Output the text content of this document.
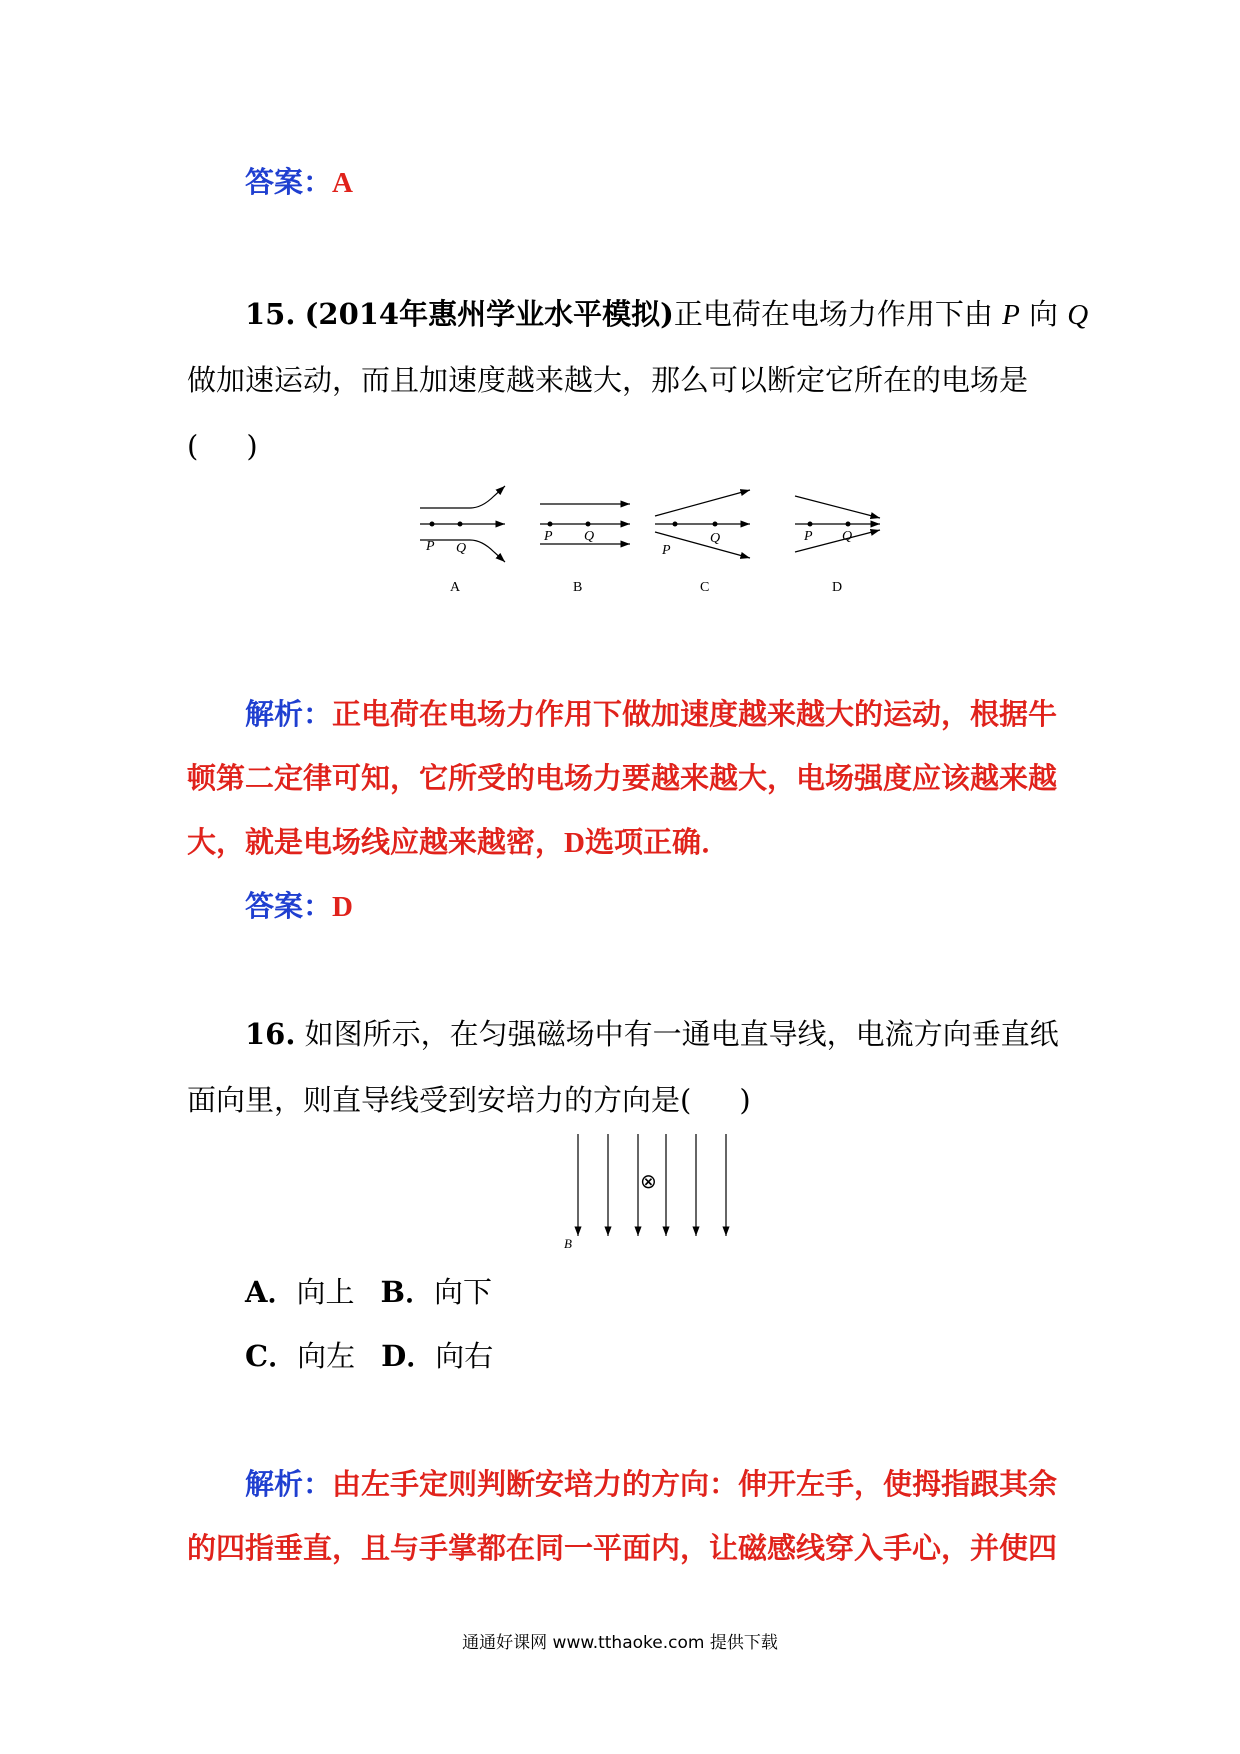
答案：A
15. (2014年惠州学业水平模拟)正电荷在电场力作用下由 P 向 Q
做加速运动，而且加速度越来越大，那么可以断定它所在的电场是
( )
P Q
A
P Q
B
P
Q
C
P Q
D
解析：正电荷在电场力作用下做加速度越来越大的运动，根据牛
顿第二定律可知，它所受的电场力要越来越大，电场强度应该越来越
大，就是电场线应越来越密，D选项正确．
答案：D
16. 如图所示，在匀强磁场中有一通电直导线，电流方向垂直纸
面向里，则直导线受到安培力的方向是( )
⊗
B
A．向上 B．向下
C．向左 D．向右
解析：由左手定则判断安培力的方向：伸开左手，使拇指跟其余
的四指垂直，且与手掌都在同一平面内，让磁感线穿入手心，并使四
通通好课网 www.tthaoke.com 提供下载
